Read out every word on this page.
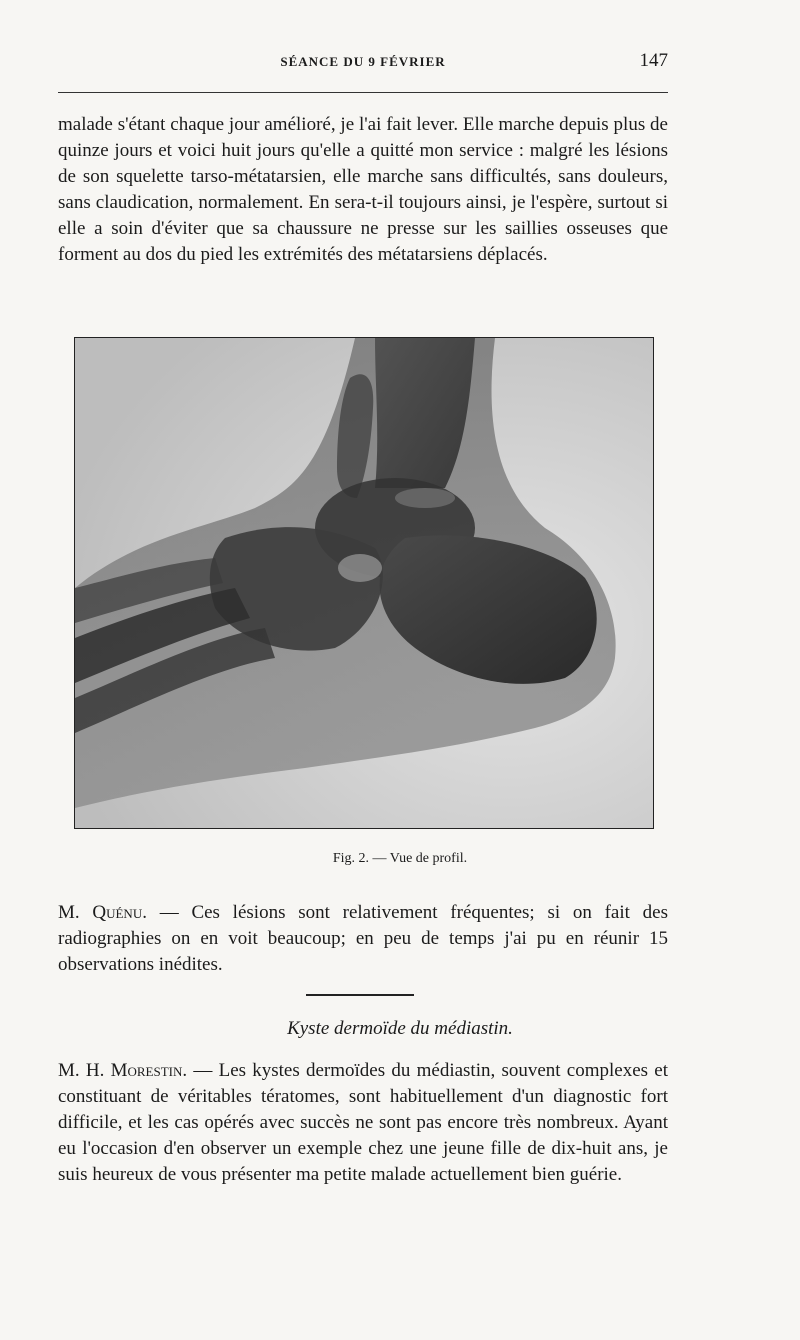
SÉANCE DU 9 FÉVRIER	147

malade s'étant chaque jour amélioré, je l'ai fait lever. Elle marche depuis plus de quinze jours et voici huit jours qu'elle a quitté mon service : malgré les lésions de son squelette tarso-métatarsien, elle marche sans difficultés, sans douleurs, sans claudication, normalement. En sera-t-il toujours ainsi, je l'espère, surtout si elle a soin d'éviter que sa chaussure ne presse sur les saillies osseuses que forment au dos du pied les extrémités des métatarsiens déplacés.

Fig. 2. — Vue de profil.

M. Quénu. — Ces lésions sont relativement fréquentes; si on fait des radiographies on en voit beaucoup; en peu de temps j'ai pu en réunir 15 observations inédites.

Kyste dermoïde du médiastin.

M. H. Morestin. — Les kystes dermoïdes du médiastin, souvent complexes et constituant de véritables tératomes, sont habituellement d'un diagnostic fort difficile, et les cas opérés avec succès ne sont pas encore très nombreux. Ayant eu l'occasion d'en observer un exemple chez une jeune fille de dix-huit ans, je suis heureux de vous présenter ma petite malade actuellement bien guérie.
